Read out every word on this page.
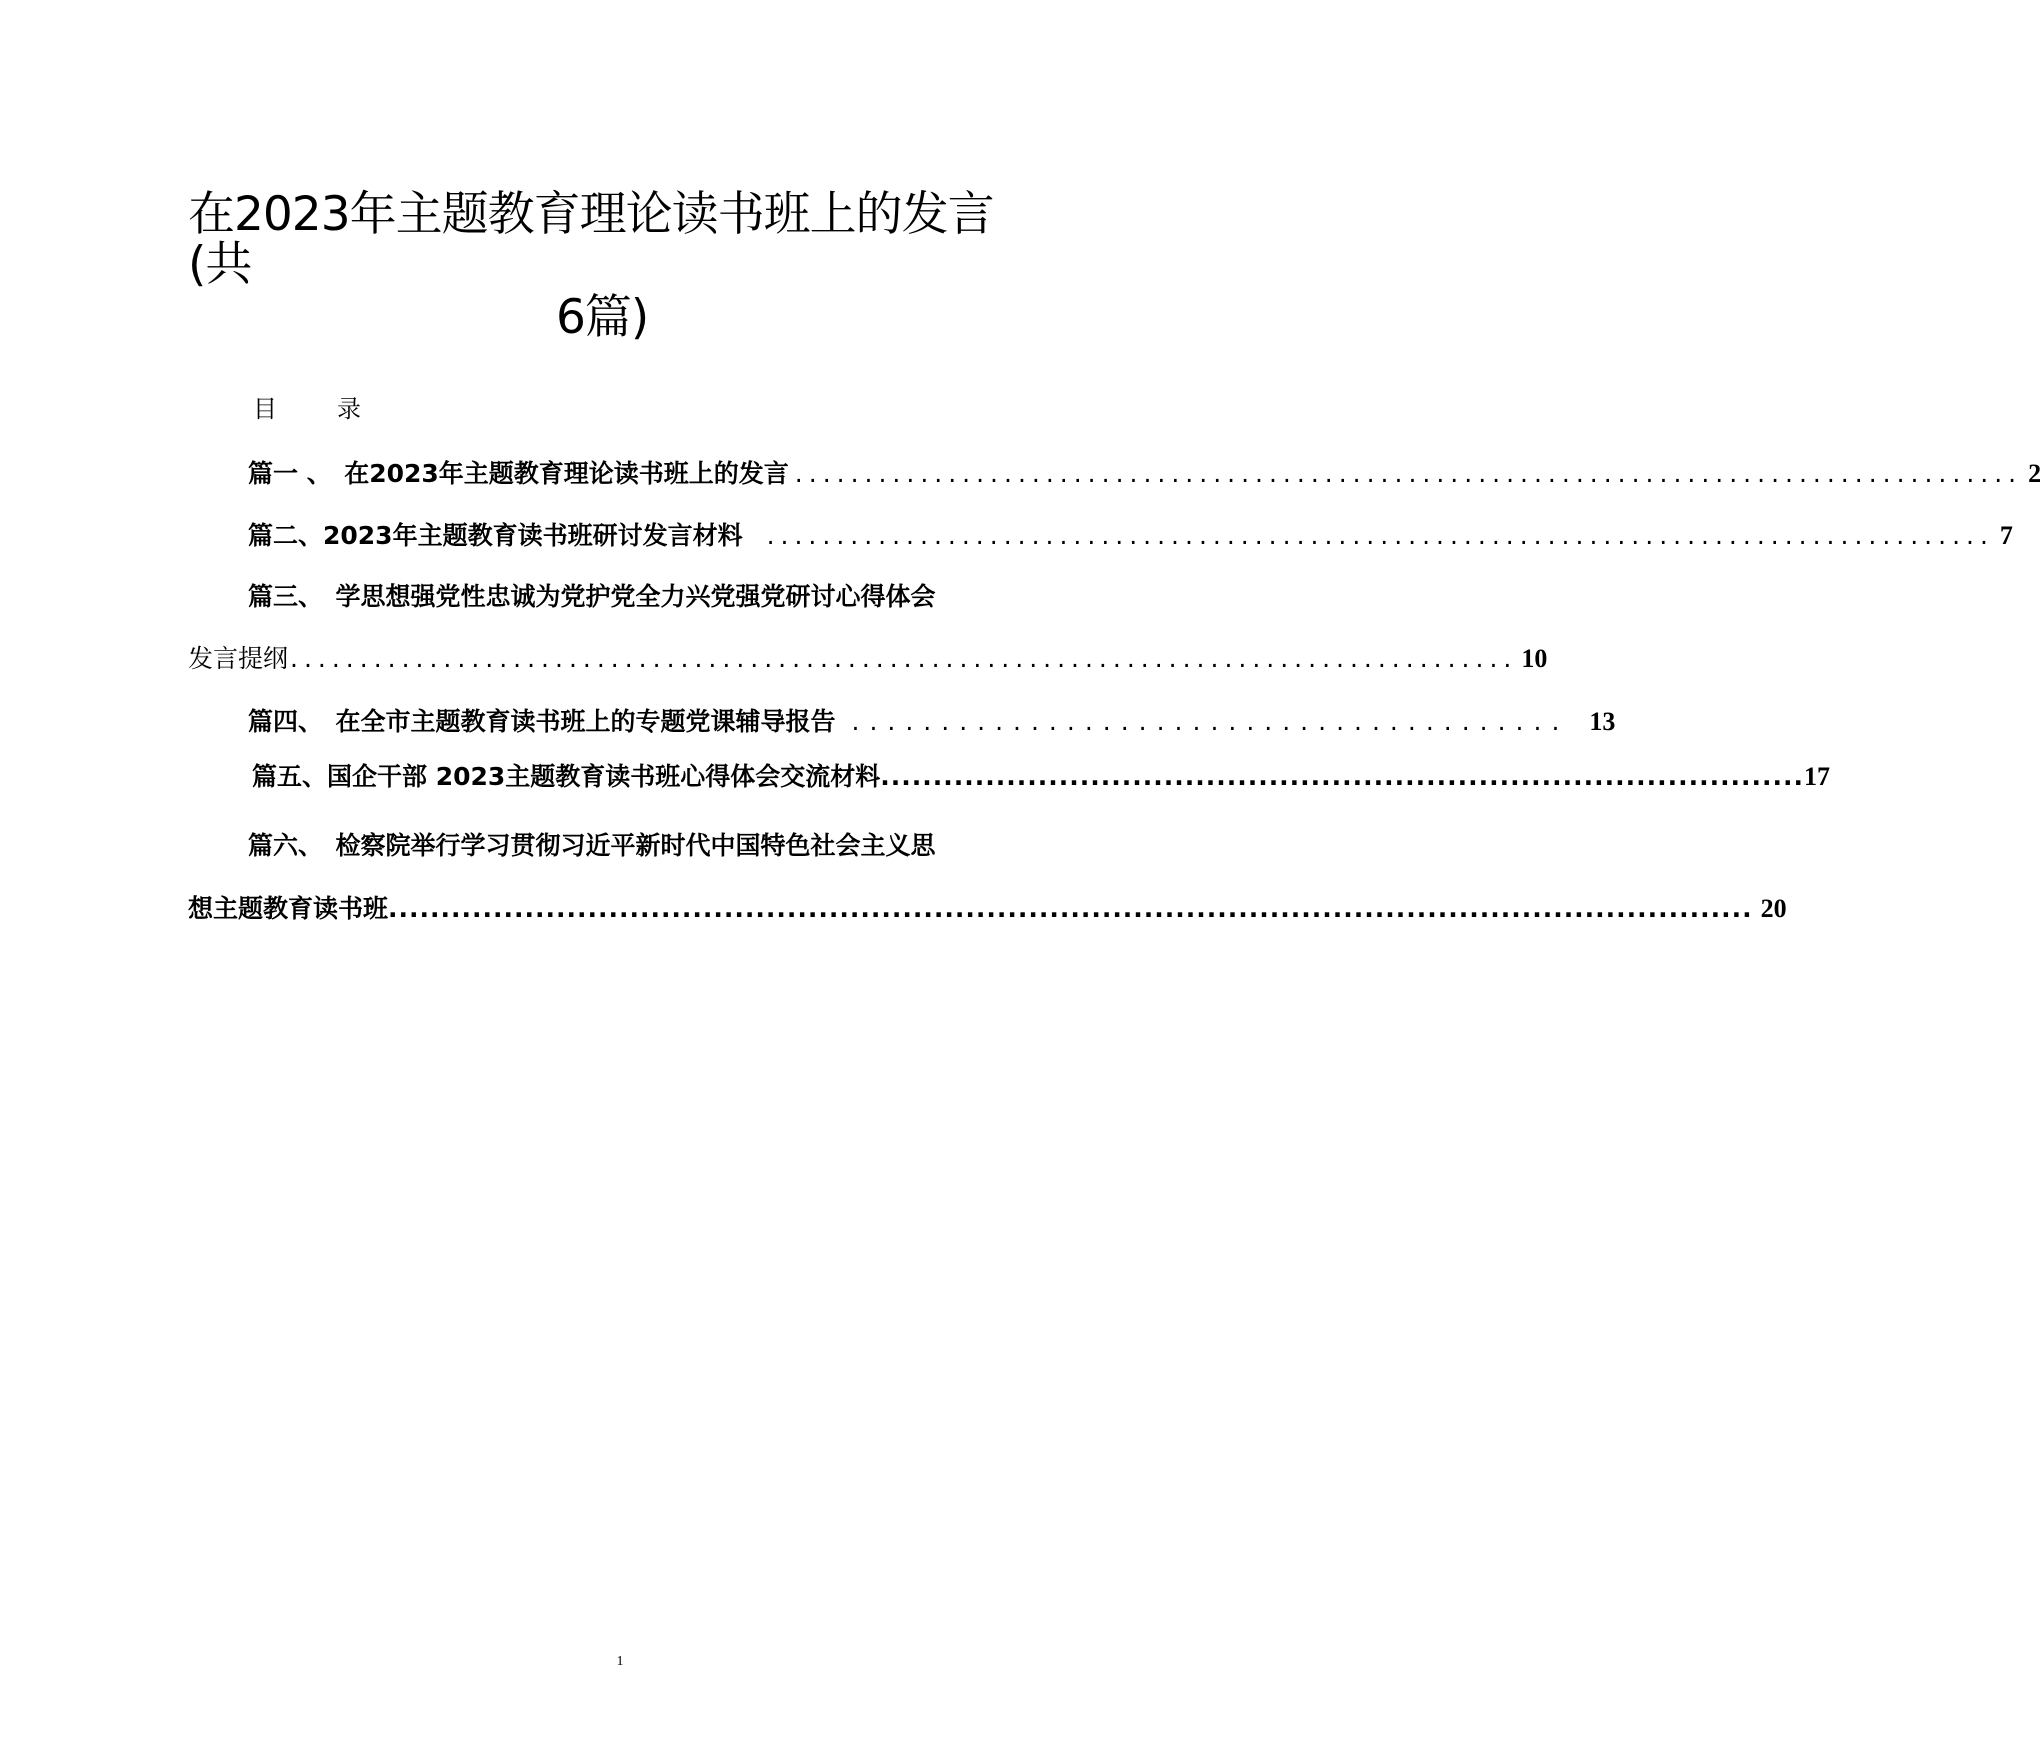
在2023年主题教育理论读书班上的发言
(共
6篇)
目　录
篇一 、　在2023年主题教育理论读书班上的发言 ........................................................................................ 2
篇二、2023年主题教育读书班研讨发言材料 ........................................................................................ 7
篇三、　学思想强党性忠诚为党护党全力兴党强党研讨心得体会
发言提纲 ........................................................................................ 10
篇四、　在全市主题教育读书班上的专题党课辅导报告 ........................................ 13
篇五、国企干部 2023主题教育读书班心得体会交流材料 ........................................................................................ 17
篇六、　检察院举行学习贯彻习近平新时代中国特色社会主义思
想主题教育读书班 .................................................................................................................................. 20
1
